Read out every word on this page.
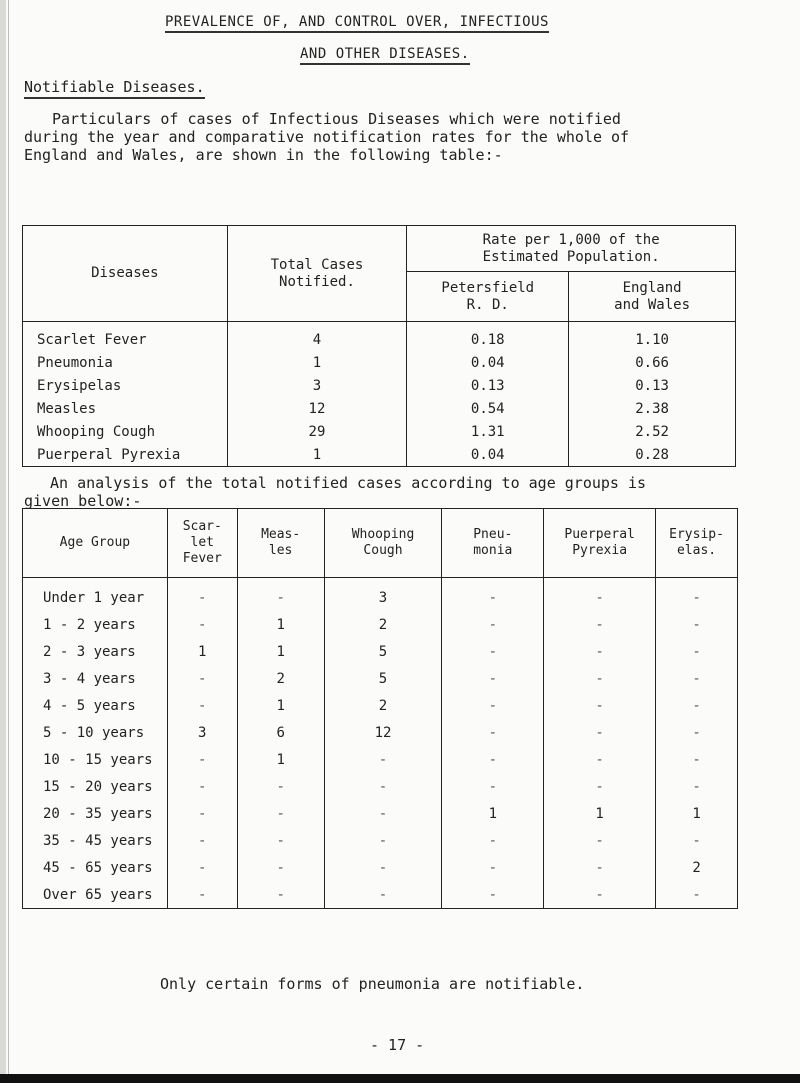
PREVALENCE OF, AND CONTROL OVER, INFECTIOUS
AND OTHER DISEASES.
Notifiable Diseases.
Particulars of cases of Infectious Diseases which were notified during the year and comparative notification rates for the whole of England and Wales, are shown in the following table:-
Diseases	Total Cases Notified.	Rate per 1,000 of the Estimated Population.	

		Petersfield R. D.	England and Wales

Scarlet Fever	4	0.18	1.10
Pneumonia	1	0.04	0.66
Erysipelas	3	0.13	0.13
Measles	12	0.54	2.38
Whooping Cough	29	1.31	2.52
Puerperal Pyrexia	1	0.04	0.28
An analysis of the total notified cases according to age groups is
given below:-
Age Group	Scar- let Fever	Meas- les	Whooping Cough	Pneu- monia	Puerperal Pyrexia	Erysip- elas.

Under 1 year	-	-	3	-	-	-
1 - 2 years	-	1	2	-	-	-
2 - 3 years	1	1	5	-	-	-
3 - 4 years	-	2	5	-	-	-
4 - 5 years	-	1	2	-	-	-
5 - 10 years	3	6	12	-	-	-
10 - 15 years	-	1	-	-	-	-
15 - 20 years	-	-	-	-	-	-
20 - 35 years	-	-	-	1	1	1
35 - 45 years	-	-	-	-	-	-
45 - 65 years	-	-	-	-	-	2
Over 65 years	-	-	-	-	-	-
Only certain forms of pneumonia are notifiable.
- 17 -
